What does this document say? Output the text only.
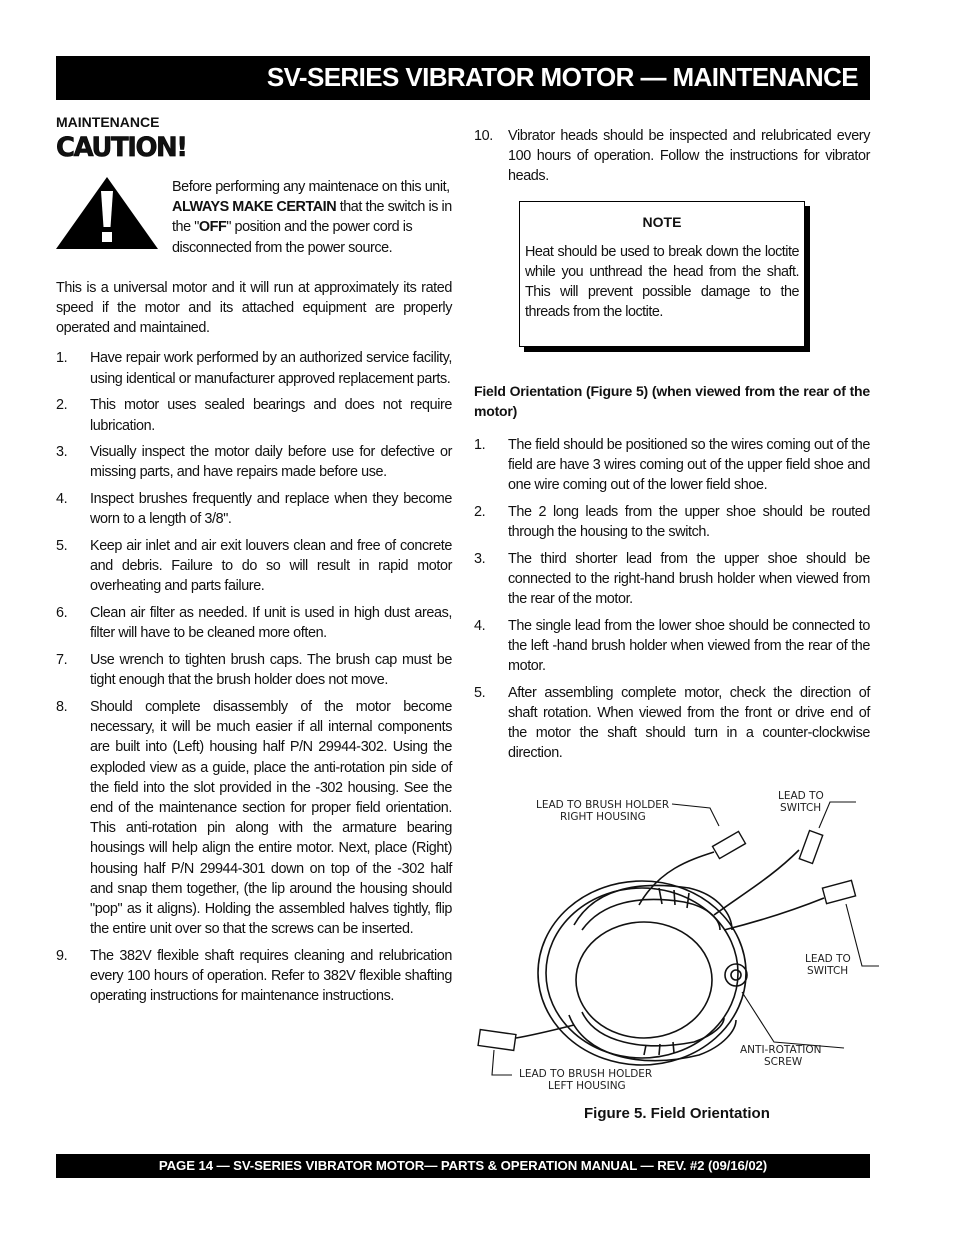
SV-SERIES VIBRATOR MOTOR — MAINTENANCE
MAINTENANCE
CAUTION!
Before performing any maintenace on this unit, ALWAYS MAKE CERTAIN that the switch is in the "OFF" position and the power cord is disconnected from the power source.

This is a universal motor and it will run at approximately its rated speed if the motor and its attached equipment are properly operated and maintained.

1.	Have repair work performed by an authorized service facility, using identical or manufacturer approved replacement parts.
2.	This motor uses sealed bearings and does not require lubrication.
3.	Visually inspect the motor daily before use for defective or missing parts, and have repairs made before use.
4.	Inspect brushes frequently and replace when they become worn to a length of 3/8".
5.	Keep air inlet and air exit louvers clean and free of concrete and debris. Failure to do so will result in rapid motor overheating and parts failure.
6.	Clean air filter as needed. If unit is used in high dust areas, filter will have to be cleaned more often.
7.	Use wrench to tighten brush caps. The brush cap must be tight enough that the brush holder does not move.
8.	Should complete disassembly of the motor become necessary, it will be much easier if all internal components are built into (Left) housing half P/N 29944-302. Using the exploded view as a guide, place the anti-rotation pin side of the field into the slot provided in the -302 housing. See the end of the maintenance section for proper field orientation. This anti-rotation pin along with the armature bearing housings will help align the entire motor. Next, place (Right) housing half P/N 29944-301 down on top of the -302 half and snap them together, (the lip around the housing should "pop" as it aligns). Holding the assembled halves tightly, flip the entire unit over so that the screws can be inserted.
9.	The 382V flexible shaft requires cleaning and relubrication every 100 hours of operation. Refer to 382V flexible shafting operating instructions for maintenance instructions.
10.	Vibrator heads should be inspected and relubricated every 100 hours of operation. Follow the instructions for vibrator heads.
NOTE
Heat should be used to break down the loctite while you unthread the head from the shaft. This will prevent possible damage to the threads from the loctite.
Field Orientation (Figure 5) (when viewed from the rear of the motor)
1.	The field should be positioned so the wires coming out of the field are have 3 wires coming out of the upper field shoe and one wire coming out of the lower field shoe.
2.	The 2 long leads from the upper shoe should be routed through the housing to the switch.
3.	The third shorter lead from the upper shoe should be connected to the right-hand brush holder when viewed from the rear of the motor.
4.	The single lead from the lower shoe should be connected to the left -hand brush holder when viewed from the rear of the motor.
5.	After assembling complete motor, check the direction of shaft rotation. When viewed from the front or drive end of the motor the shaft should turn in a counter-clockwise direction.
LEAD TO BRUSH HOLDER
RIGHT HOUSING
LEAD TO
SWITCH
LEAD TO
SWITCH
ANTI-ROTATION
SCREW
LEAD TO BRUSH HOLDER
LEFT HOUSING
Figure 5. Field Orientation
PAGE 14 — SV-SERIES VIBRATOR MOTOR— PARTS & OPERATION MANUAL — REV. #2 (09/16/02)
